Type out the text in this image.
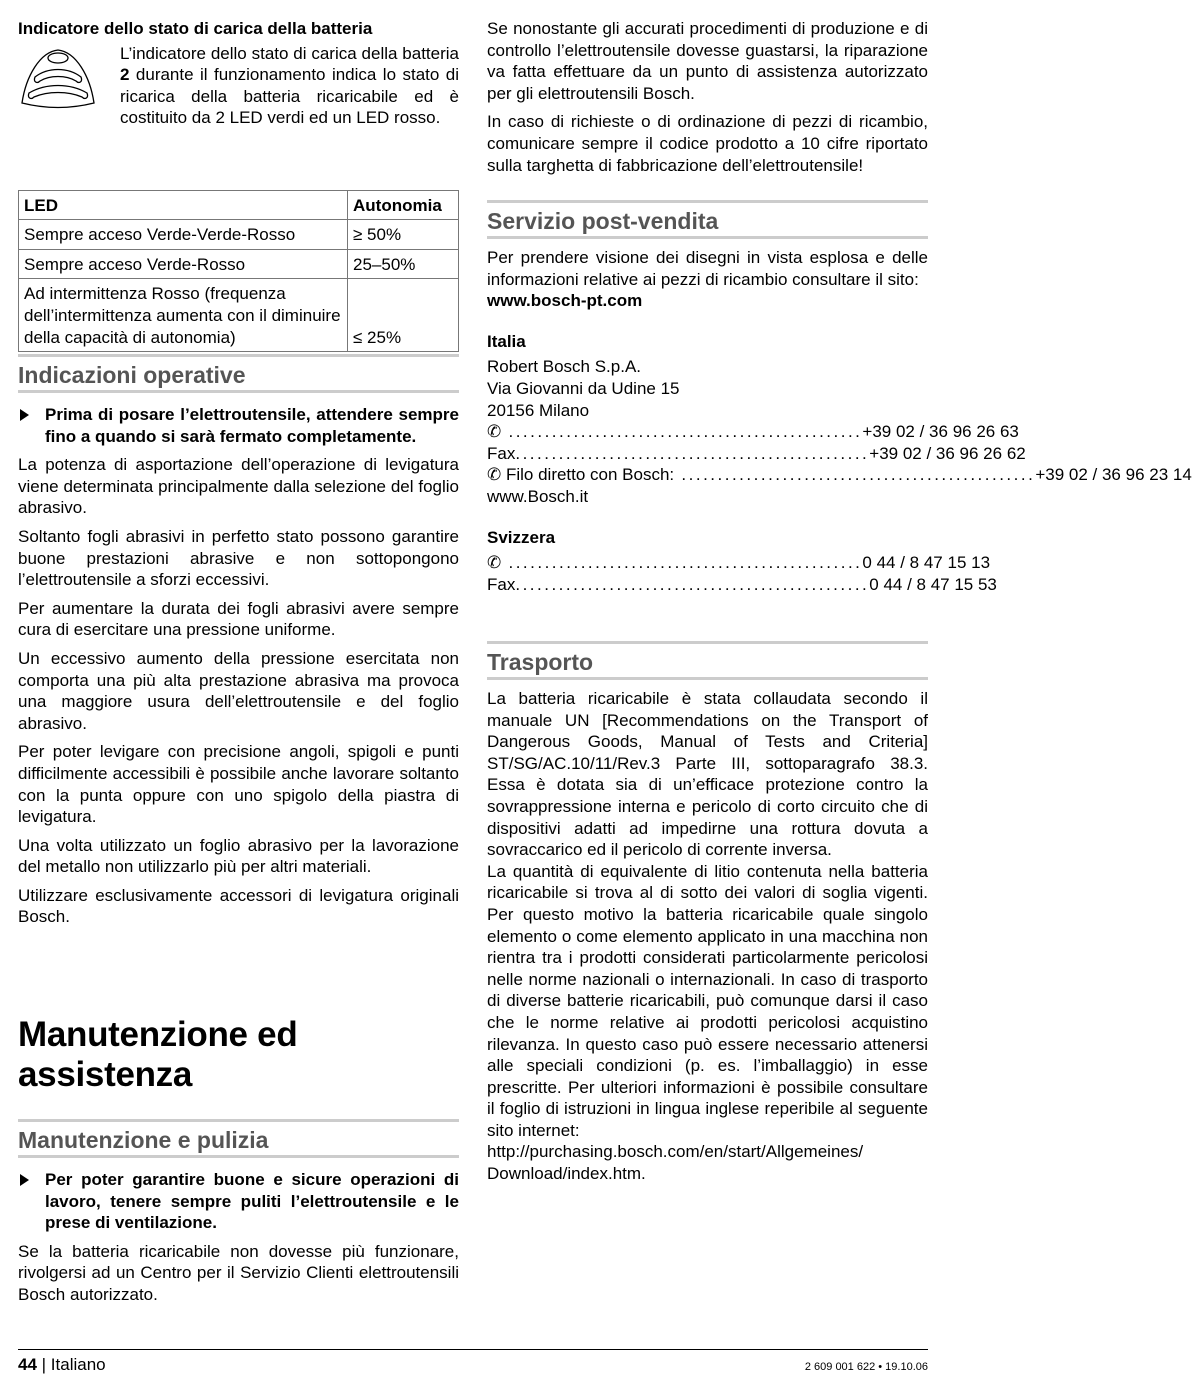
Indicatore dello stato di carica della batteria

L’indicatore dello stato di carica della batteria 2 durante il funzionamento indica lo stato di ricarica della batteria ricaricabile ed è costituito da 2 LED verdi ed un LED rosso.

LED	Autonomia
Sempre acceso Verde-Verde-Rosso	≥ 50%
Sempre acceso Verde-Rosso	25–50%
Ad intermittenza Rosso (frequenza dell’intermittenza aumenta con il diminuire della capacità di autonomia)	≤ 25%
Indicazioni operative
Prima di posare l’elettroutensile, attendere sempre fino a quando si sarà fermato completamente.

La potenza di asportazione dell’operazione di levigatura viene determinata principalmente dalla selezione del foglio abrasivo.

Soltanto fogli abrasivi in perfetto stato possono garantire buone prestazioni abrasive e non sottopongono l’elettroutensile a sforzi eccessivi.

Per aumentare la durata dei fogli abrasivi avere sempre cura di esercitare una pressione uniforme.

Un eccessivo aumento della pressione esercitata non comporta una più alta prestazione abrasiva ma provoca una maggiore usura dell’elettroutensile e del foglio abrasivo.

Per poter levigare con precisione angoli, spigoli e punti difficilmente accessibili è possibile anche lavorare soltanto con la punta oppure con uno spigolo della piastra di levigatura.

Una volta utilizzato un foglio abrasivo per la lavorazione del metallo non utilizzarlo più per altri materiali.

Utilizzare esclusivamente accessori di levigatura originali Bosch.

Manutenzione ed assistenza
Manutenzione e pulizia
Per poter garantire buone e sicure operazioni di lavoro, tenere sempre puliti l’elettroutensile e le prese di ventilazione.

Se la batteria ricaricabile non dovesse più funzionare, rivolgersi ad un Centro per il Servizio Clienti elettroutensili Bosch autorizzato.

Se nonostante gli accurati procedimenti di produzione e di controllo l’elettroutensile dovesse guastarsi, la riparazione va fatta effettuare da un punto di assistenza autorizzato per gli elettroutensili Bosch.

In caso di richieste o di ordinazione di pezzi di ricambio, comunicare sempre il codice prodotto a 10 cifre riportato sulla targhetta di fabbricazione dell’elettroutensile!

Servizio post-vendita

Per prendere visione dei disegni in vista esplosa e delle informazioni relative ai pezzi di ricambio consultare il sito:

www.bosch-pt.com
Italia
Robert Bosch S.p.A.
Via Giovanni da Udine 15
20156 Milano
✆ ................................................. +39 02 / 36 96 26 63
Fax ................................................. +39 02 / 36 96 26 62
✆ Filo diretto con Bosch: ................................................. +39 02 / 36 96 23 14
www.Bosch.it
Svizzera
✆ ................................................. 0 44 / 8 47 15 13
Fax ................................................. 0 44 / 8 47 15 53
Trasporto

La batteria ricaricabile è stata collaudata secondo il manuale UN [Recommendations on the Transport of Dangerous Goods, Manual of Tests and Criteria] ST/SG/AC.10/11/Rev.3 Parte III, sottoparagrafo 38.3. Essa è dotata sia di un’efficace protezione contro la sovrappressione interna e pericolo di corto circuito che di dispositivi adatti ad impedirne una rottura dovuta a sovraccarico ed il pericolo di corrente inversa.

La quantità di equivalente di litio contenuta nella batteria ricaricabile si trova al di sotto dei valori di soglia vigenti. Per questo motivo la batteria ricaricabile quale singolo elemento o come elemento applicato in una macchina non rientra tra i prodotti considerati particolarmente pericolosi nelle norme nazionali o internazionali. In caso di trasporto di diverse batterie ricaricabili, può comunque darsi il caso che le norme relative ai prodotti pericolosi acquistino rilevanza. In questo caso può essere necessario attenersi alle speciali condizioni (p. es. l’imballaggio) in esse prescritte. Per ulteriori informazioni è possibile consultare il foglio di istruzioni in lingua inglese reperibile al seguente sito internet:

http://purchasing.bosch.com/en/start/Allgemeines/ Download/index.htm.
44 | Italiano	2 609 001 622 • 19.10.06
